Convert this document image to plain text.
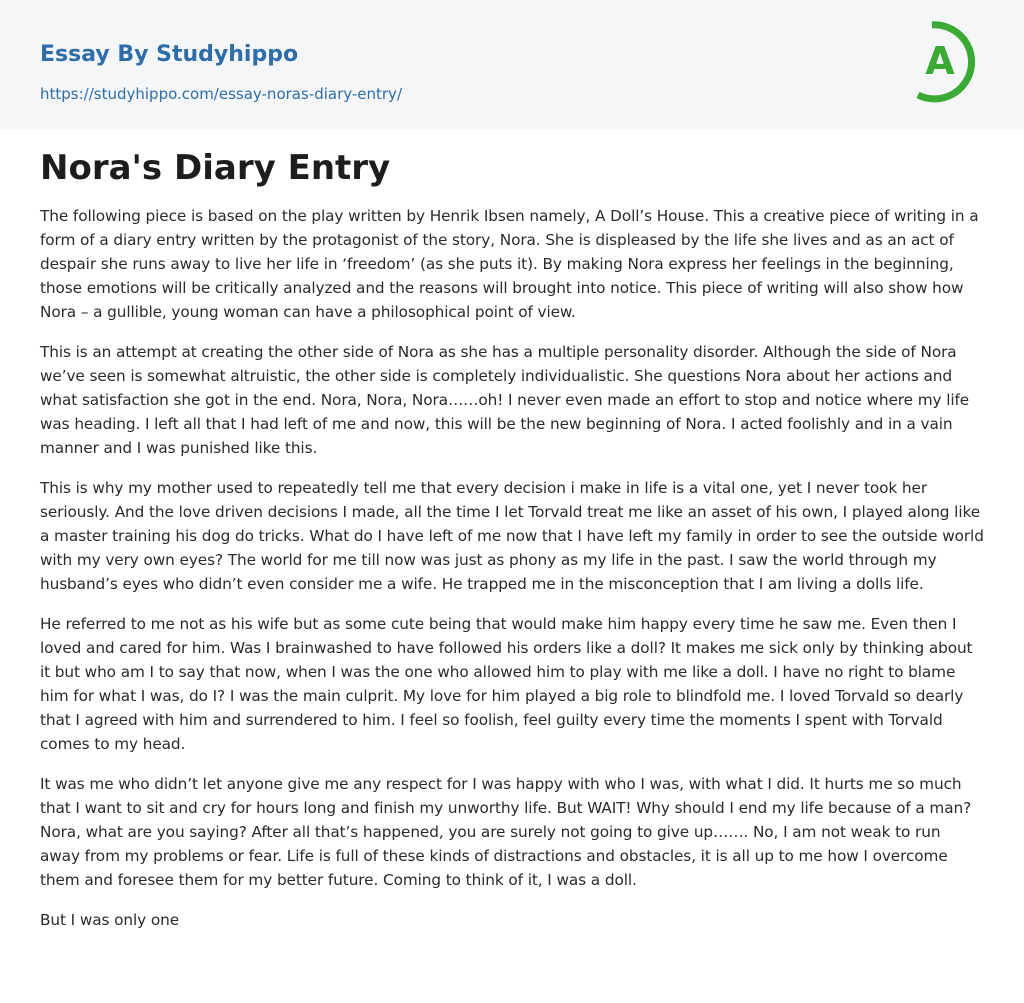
Essay By Studyhippo
https://studyhippo.com/essay-noras-diary-entry/
A
Nora's Diary Entry

The following piece is based on the play written by Henrik Ibsen namely, A Doll’s House. This a creative piece of writing in a form of a diary entry written by the protagonist of the story, Nora. She is displeased by the life she lives and as an act of despair she runs away to live her life in ‘freedom’ (as she puts it). By making Nora express her feelings in the beginning, those emotions will be critically analyzed and the reasons will brought into notice. This piece of writing will also show how Nora – a gullible, young woman can have a philosophical point of view.

This is an attempt at creating the other side of Nora as she has a multiple personality disorder. Although the side of Nora we’ve seen is somewhat altruistic, the other side is completely individualistic. She questions Nora about her actions and what satisfaction she got in the end. Nora, Nora, Nora……oh! I never even made an effort to stop and notice where my life was heading. I left all that I had left of me and now, this will be the new beginning of Nora. I acted foolishly and in a vain manner and I was punished like this.

This is why my mother used to repeatedly tell me that every decision i make in life is a vital one, yet I never took her seriously. And the love driven decisions I made, all the time I let Torvald treat me like an asset of his own, I played along like a master training his dog do tricks. What do I have left of me now that I have left my family in order to see the outside world with my very own eyes? The world for me till now was just as phony as my life in the past. I saw the world through my husband’s eyes who didn’t even consider me a wife. He trapped me in the misconception that I am living a dolls life.

He referred to me not as his wife but as some cute being that would make him happy every time he saw me. Even then I loved and cared for him. Was I brainwashed to have followed his orders like a doll? It makes me sick only by thinking about it but who am I to say that now, when I was the one who allowed him to play with me like a doll. I have no right to blame him for what I was, do I? I was the main culprit. My love for him played a big role to blindfold me. I loved Torvald so dearly that I agreed with him and surrendered to him. I feel so foolish, feel guilty every time the moments I spent with Torvald comes to my head.

It was me who didn’t let anyone give me any respect for I was happy with who I was, with what I did. It hurts me so much that I want to sit and cry for hours long and finish my unworthy life. But WAIT! Why should I end my life because of a man? Nora, what are you saying? After all that’s happened, you are surely not going to give up……. No, I am not weak to run away from my problems or fear. Life is full of these kinds of distractions and obstacles, it is all up to me how I overcome them and foresee them for my better future. Coming to think of it, I was a doll.

But I was only one
